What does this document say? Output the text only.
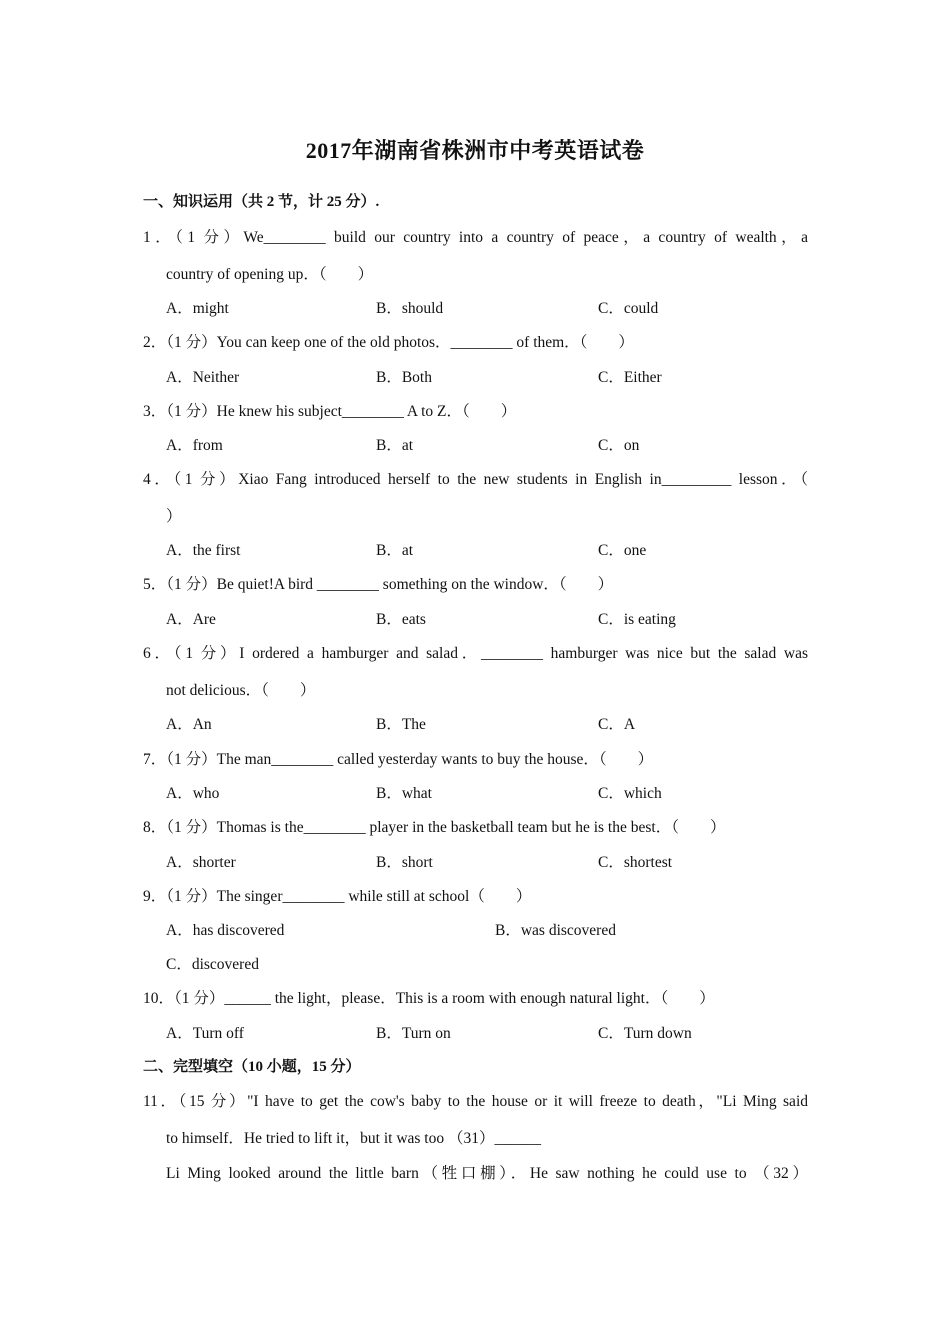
2017年湖南省株洲市中考英语试卷
一、知识运用（共 2 节，计 25 分）.
1．（1 分）We________ build our country into a country of peace，a country of wealth，a
country of opening up．（　　）
A．might	B．should	C．could
2．（1 分）You can keep one of the old photos．________ of them．（　　）
A．Neither	B．Both	C．Either
3．（1 分）He knew his subject________ A to Z．（　　）
A．from	B．at	C．on
4．（1 分）Xiao Fang introduced herself to the new students in English in_________ lesson．（
）
A．the first	B．at	C．one
5．（1 分）Be quiet!A bird ________ something on the window．（　　）
A．Are	B．eats	C．is eating
6．（1 分）I ordered a hamburger and salad．________ hamburger was nice but the salad was
not delicious．（　　）
A．An	B．The	C．A
7．（1 分）The man________ called yesterday wants to buy the house．（　　）
A．who	B．what	C．which
8．（1 分）Thomas is the________ player in the basketball team but he is the best．（　　）
A．shorter	B．short	C．shortest
9．（1 分）The singer________ while still at school（　　）
A．has discovered	B．was discovered
C．discovered
10．（1 分）______ the light，please．This is a room with enough natural light．（　　）
A．Turn off	B．Turn on	C．Turn down
二、完型填空（10 小题，15 分）
11．（15 分）"I have to get the cow's baby to the house or it will freeze to death，"Li Ming said
to himself．He tried to lift it，but it was too （31）______
Li Ming looked around the little barn（牲口棚）．He saw nothing he could use to （32）
